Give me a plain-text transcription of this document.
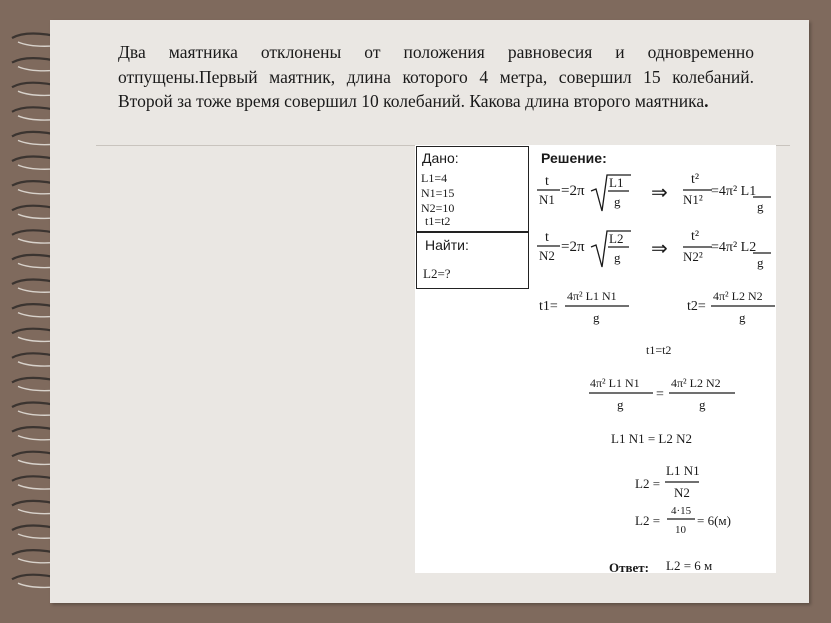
Два маятника отклонены от положения равновесия и одновременно отпущены.Первый маятник, длина которого 4 метра, совершил 15 колебаний. Второй за тоже время совершил 10 колебаний. Какова длина второго маятника.
Дано:
L1=4
N1=15
N2=10
t1=t2
Найти:
L2=?
Решение:
t
N1
=2π
L1
g ⇒
t²
N1²
=4π² L1
g
t
N2
=2π
L2
g ⇒
t²
N2²
=4π² L2
g
t1=
4π² L1 N1
g
t2=
4π² L2 N2
g
t1=t2
4π² L1 N1
g
=
4π² L2 N2
g
L1 N1 = L2 N2
L2 =
L1 N1
N2
L2 =
4·15
10
= 6(м)
Ответ: L2 = 6 м
